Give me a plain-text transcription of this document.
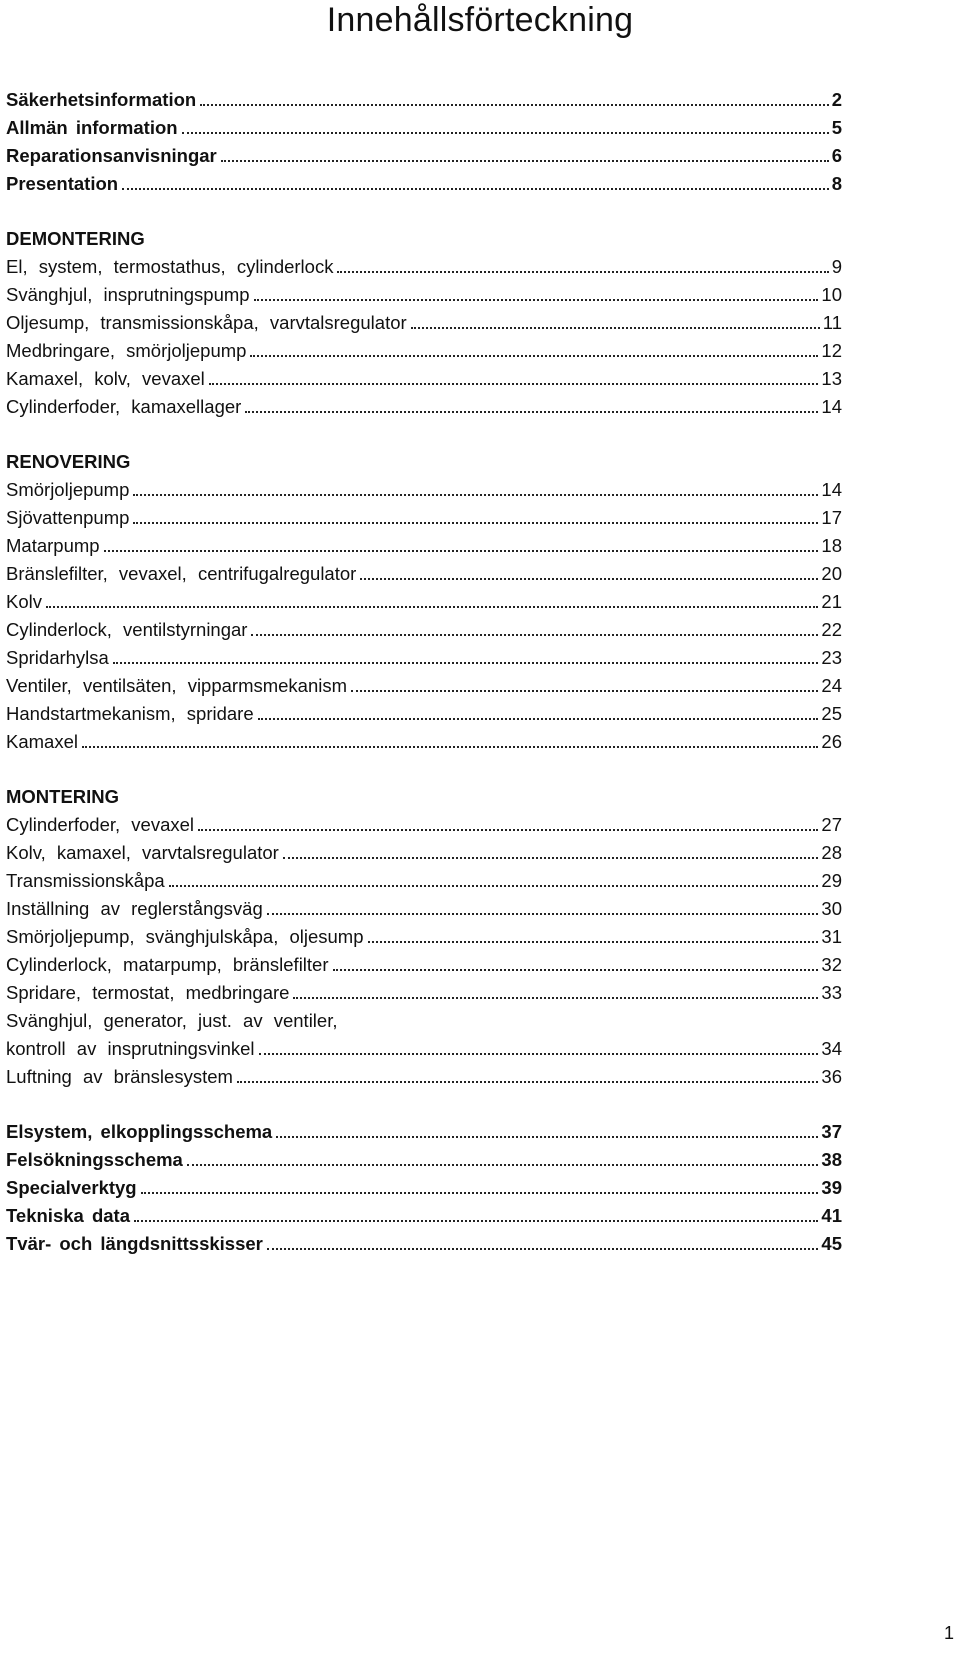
Innehållsförteckning
Säkerhetsinformation	2
Allmän information	5
Reparationsanvisningar	6
Presentation	8
DEMONTERING
El, system, termostathus, cylinderlock	9
Svänghjul, insprutningspump	10
Oljesump, transmissionskåpa, varvtalsregulator	11
Medbringare, smörjoljepump	12
Kamaxel, kolv, vevaxel	13
Cylinderfoder, kamaxellager	14
RENOVERING
Smörjoljepump	14
Sjövattenpump	17
Matarpump	18
Bränslefilter, vevaxel, centrifugalregulator	20
Kolv	21
Cylinderlock, ventilstyrningar	22
Spridarhylsa	23
Ventiler, ventilsäten, vipparmsmekanism	24
Handstartmekanism, spridare	25
Kamaxel	26
MONTERING
Cylinderfoder, vevaxel	27
Kolv, kamaxel, varvtalsregulator	28
Transmissionskåpa	29
Inställning av reglerstångsväg	30
Smörjoljepump, svänghjulskåpa, oljesump	31
Cylinderlock, matarpump, bränslefilter	32
Spridare, termostat, medbringare	33
Svänghjul, generator, just. av ventiler,
kontroll av insprutningsvinkel	34
Luftning av bränslesystem	36
Elsystem, elkopplingsschema	37
Felsökningsschema	38
Specialverktyg	39
Tekniska data	41
Tvär- och längdsnittsskisser	45
1
